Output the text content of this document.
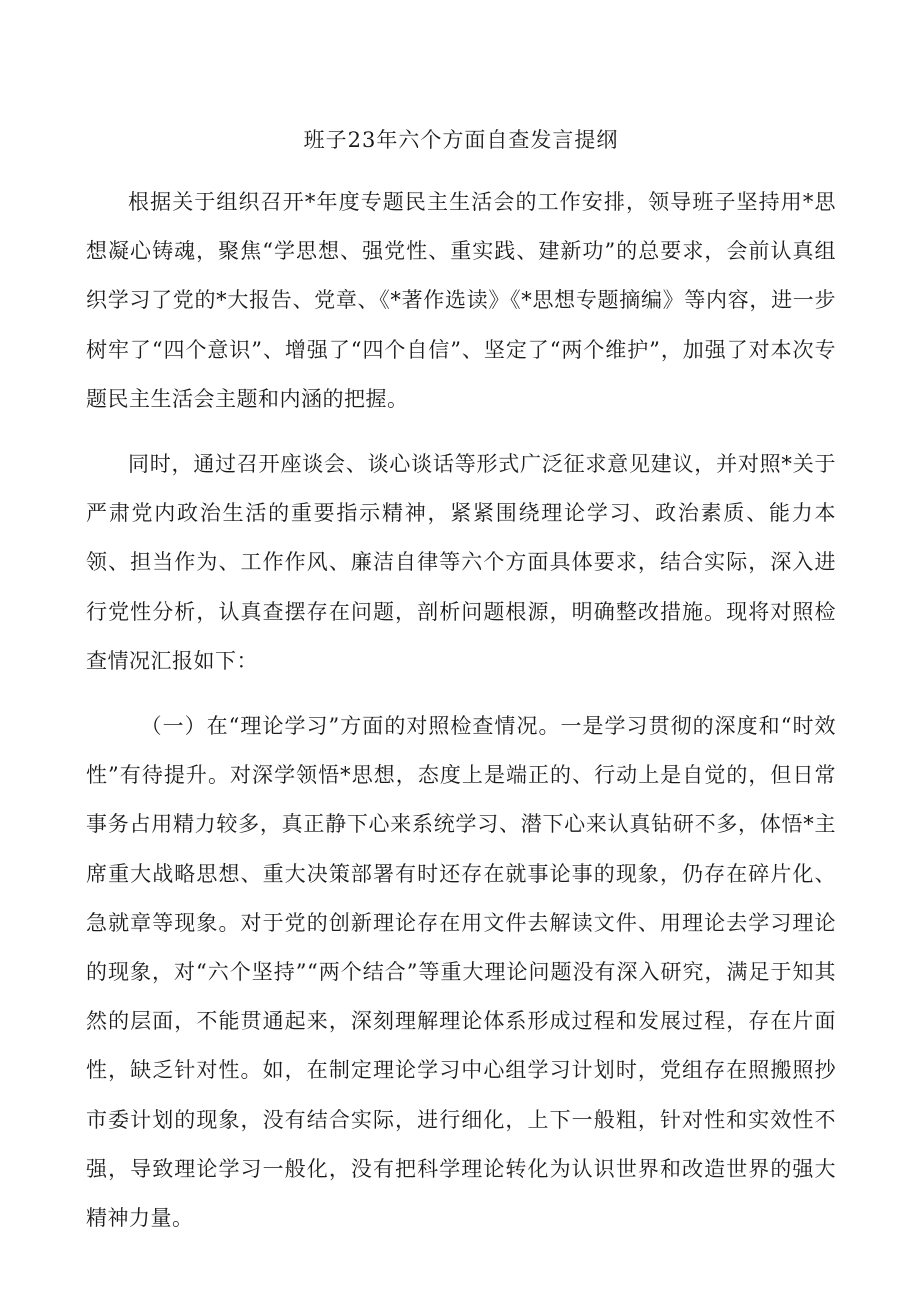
班子23年六个方面自查发言提纲

根据关于组织召开*年度专题民主生活会的工作安排，领导班子坚持用*思想凝心铸魂，聚焦“学思想、强党性、重实践、建新功”的总要求，会前认真组织学习了党的*大报告、党章、《*著作选读》《*思想专题摘编》等内容，进一步树牢了“四个意识”、增强了“四个自信”、坚定了“两个维护”，加强了对本次专题民主生活会主题和内涵的把握。

同时，通过召开座谈会、谈心谈话等形式广泛征求意见建议，并对照*关于严肃党内政治生活的重要指示精神，紧紧围绕理论学习、政治素质、能力本领、担当作为、工作作风、廉洁自律等六个方面具体要求，结合实际，深入进行党性分析，认真查摆存在问题，剖析问题根源，明确整改措施。现将对照检查情况汇报如下：

（一）在“理论学习”方面的对照检查情况。一是学习贯彻的深度和“时效性”有待提升。对深学领悟*思想，态度上是端正的、行动上是自觉的，但日常事务占用精力较多，真正静下心来系统学习、潜下心来认真钻研不多，体悟*主席重大战略思想、重大决策部署有时还存在就事论事的现象，仍存在碎片化、急就章等现象。对于党的创新理论存在用文件去解读文件、用理论去学习理论的现象，对“六个坚持”“两个结合”等重大理论问题没有深入研究，满足于知其然的层面，不能贯通起来，深刻理解理论体系形成过程和发展过程，存在片面性，缺乏针对性。如，在制定理论学习中心组学习计划时，党组存在照搬照抄市委计划的现象，没有结合实际，进行细化，上下一般粗，针对性和实效性不强，导致理论学习一般化，没有把科学理论转化为认识世界和改造世界的强大精神力量。
